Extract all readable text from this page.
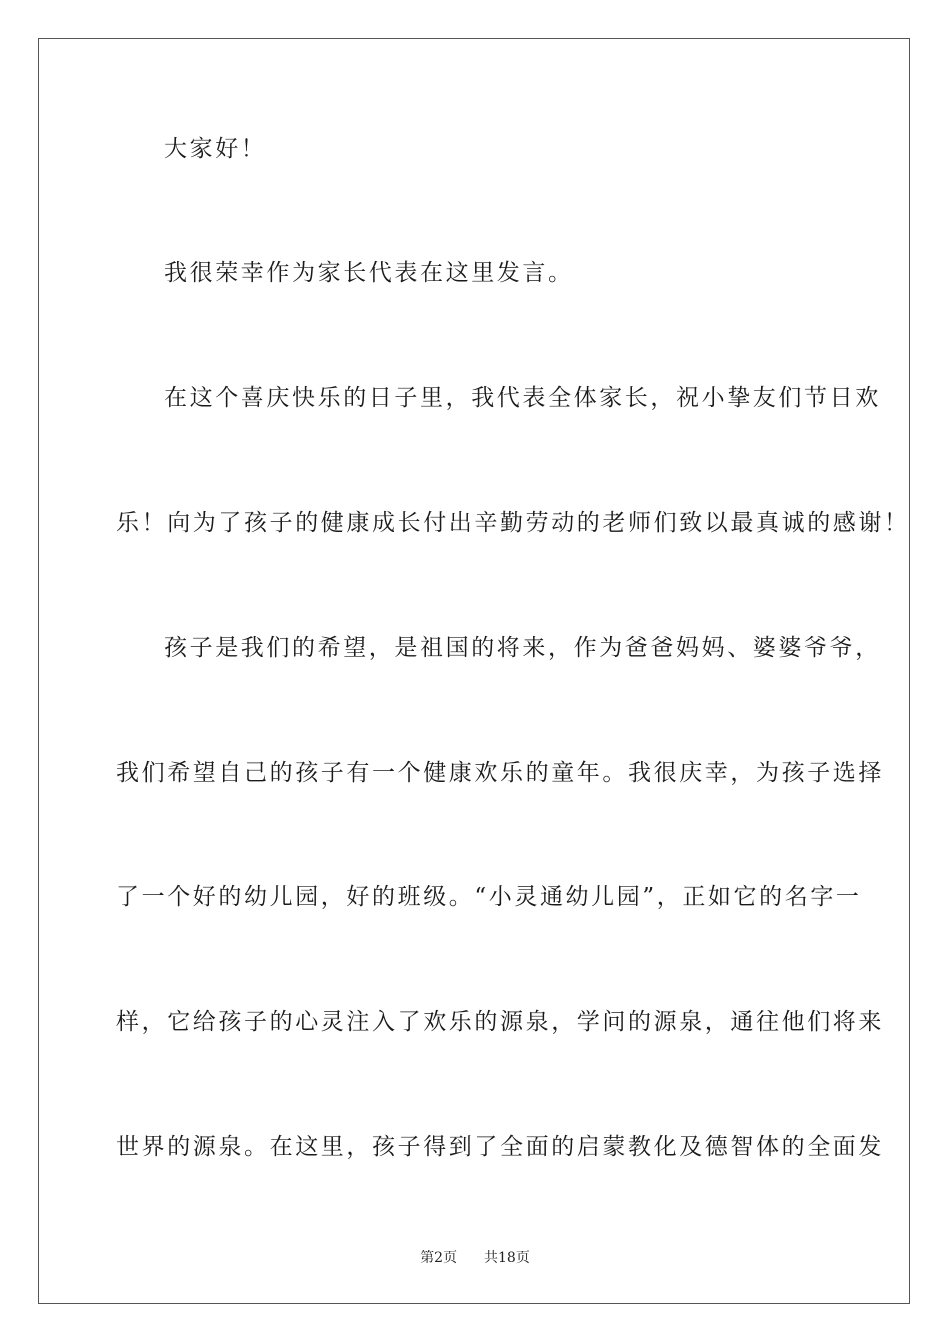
大家好！
我很荣幸作为家长代表在这里发言。
在这个喜庆快乐的日子里，我代表全体家长，祝小挚友们节日欢
乐！向为了孩子的健康成长付出辛勤劳动的老师们致以最真诚的感谢！
孩子是我们的希望，是祖国的将来，作为爸爸妈妈、婆婆爷爷，
我们希望自己的孩子有一个健康欢乐的童年。我很庆幸，为孩子选择
了一个好的幼儿园，好的班级。“小灵通幼儿园”，正如它的名字一
样，它给孩子的心灵注入了欢乐的源泉，学问的源泉，通往他们将来
世界的源泉。在这里，孩子得到了全面的启蒙教化及德智体的全面发
第2页 共18页
